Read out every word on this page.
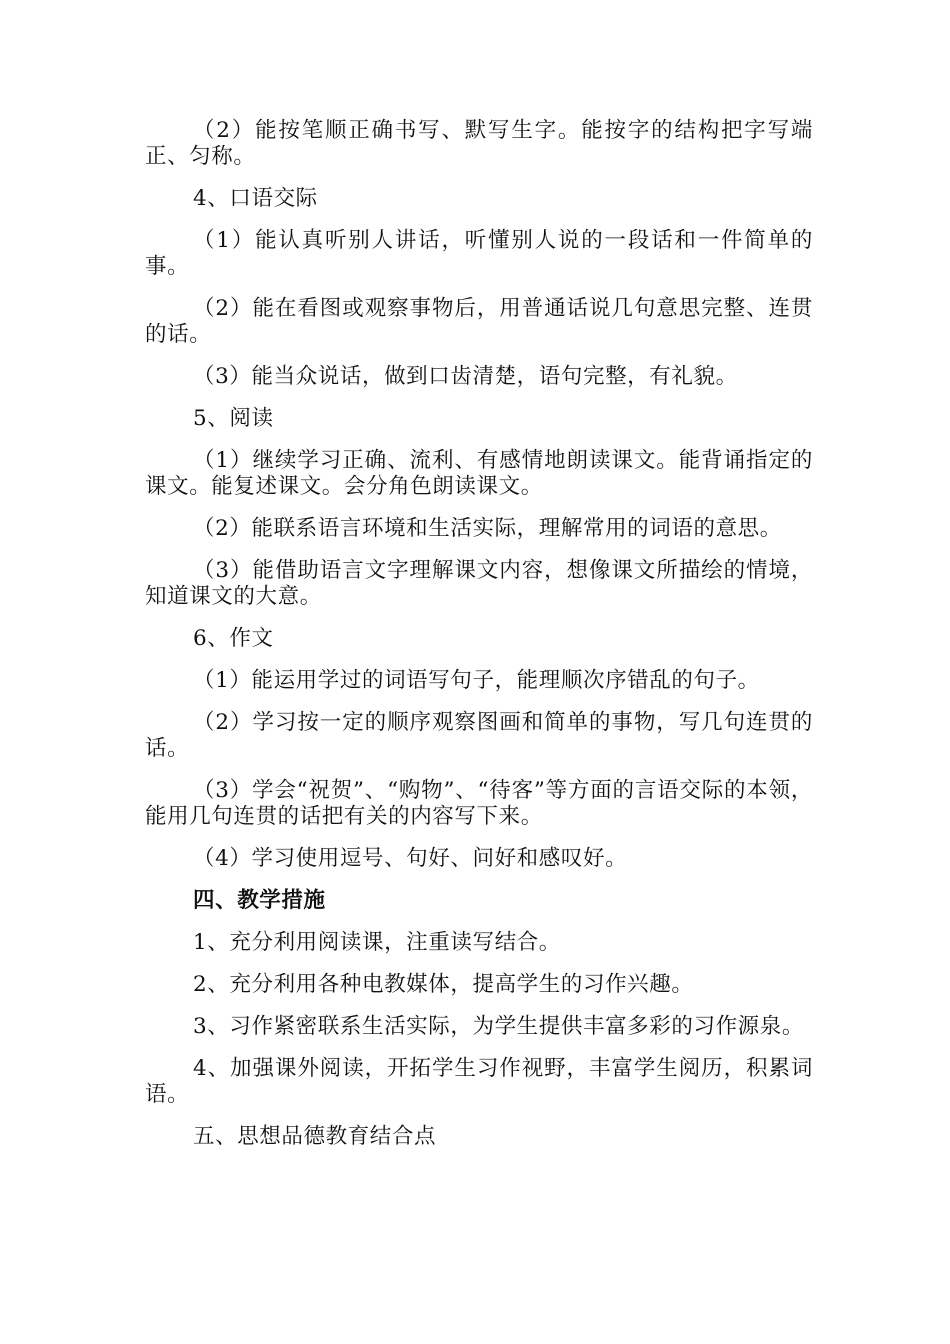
（2）能按笔顺正确书写、默写生字。能按字的结构把字写端正、匀称。

4、口语交际

（1）能认真听别人讲话，听懂别人说的一段话和一件简单的事。

（2）能在看图或观察事物后，用普通话说几句意思完整、连贯的话。

（3）能当众说话，做到口齿清楚，语句完整，有礼貌。

5、阅读

（1）继续学习正确、流利、有感情地朗读课文。能背诵指定的课文。能复述课文。会分角色朗读课文。

（2）能联系语言环境和生活实际，理解常用的词语的意思。

（3）能借助语言文字理解课文内容，想像课文所描绘的情境，知道课文的大意。

6、作文

（1）能运用学过的词语写句子，能理顺次序错乱的句子。

（2）学习按一定的顺序观察图画和简单的事物，写几句连贯的话。

（3）学会“祝贺”、“购物”、“待客”等方面的言语交际的本领，能用几句连贯的话把有关的内容写下来。

（4）学习使用逗号、句好、问好和感叹好。

四、教学措施

1、充分利用阅读课，注重读写结合。

2、充分利用各种电教媒体，提高学生的习作兴趣。

3、习作紧密联系生活实际，为学生提供丰富多彩的习作源泉。

4、加强课外阅读，开拓学生习作视野，丰富学生阅历，积累词语。

五、思想品德教育结合点
